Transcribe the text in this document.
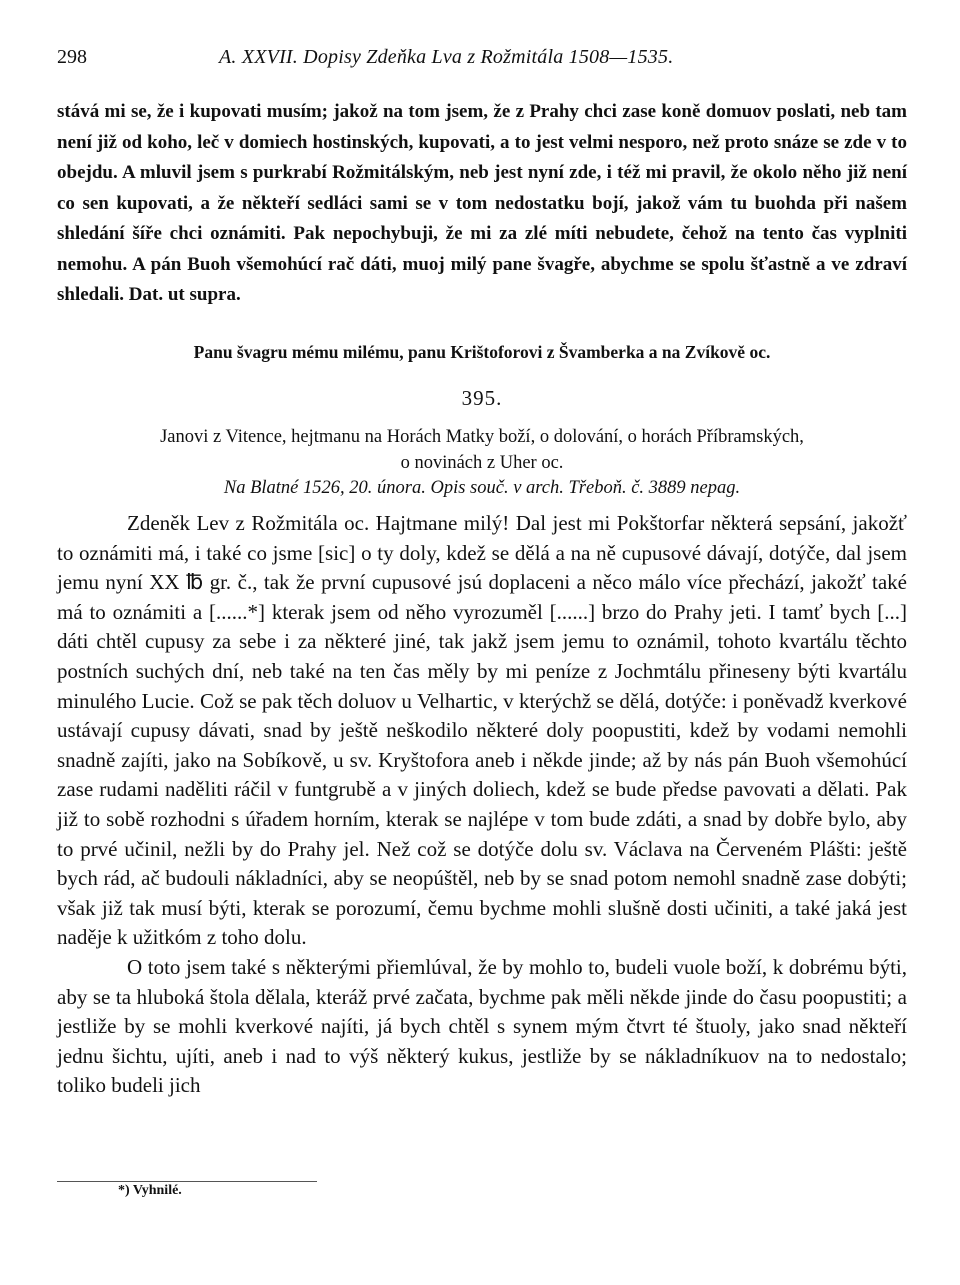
298	A. XXVII. Dopisy Zdeňka Lva z Rožmitála 1508—1535.
stává mi se, že i kupovati musím; jakož na tom jsem, že z Prahy chci zase koně domuov poslati, neb tam není již od koho, leč v domiech hostinských, kupovati, a to jest velmi nesporo, než proto snáze se zde v to obejdu. A mluvil jsem s purkrabí Rožmitálským, neb jest nyní zde, i též mi pravil, že okolo něho již není co sen kupovati, a že někteří sedláci sami se v tom nedostatku bojí, jakož vám tu buohda při našem shledání šíře chci oznámiti. Pak nepochybuji, že mi za zlé míti nebudete, čehož na tento čas vyplniti nemohu. A pán Buoh všemohúcí rač dáti, muoj milý pane švagře, abychme se spolu šťastně a ve zdraví shledali. Dat. ut supra.
Panu švagru mému milému, panu Krištoforovi z Švamberka a na Zvíkově oc.
395.
Janovi z Vitence, hejtmanu na Horách Matky boží, o dolování, o horách Příbramských,
o novinách z Uher oc.
Na Blatné 1526, 20. února. Opis souč. v arch. Třeboň. č. 3889 nepag.

Zdeněk Lev z Rožmitála oc. Hajtmane milý! Dal jest mi Pokštorfar některá sepsání, jakožť to oznámiti má, i také co jsme [sic] o ty doly, kdež se dělá a na ně cupusové dávají, dotýče, dal jsem jemu nyní XX ℔ gr. č., tak že první cupusové jsú doplaceni a něco málo více přechází, jakožť také má to oznámiti a [......*] kterak jsem od něho vyrozuměl [......] brzo do Prahy jeti. I tamť bych [...] dáti chtěl cupusy za sebe i za některé jiné, tak jakž jsem jemu to oznámil, tohoto kvartálu těchto postních suchých dní, neb také na ten čas měly by mi peníze z Jochmtálu přineseny býti kvartálu minulého Lucie. Což se pak těch doluov u Velhartic, v kterýchž se dělá, dotýče: i poněvadž kverkové ustávají cupusy dávati, snad by ještě neškodilo některé doly poopustiti, kdež by vodami nemohli snadně zajíti, jako na Sobíkově, u sv. Kryštofora aneb i někde jinde; až by nás pán Buoh všemohúcí zase rudami naděliti ráčil v funtgrubě a v jiných doliech, kdež se bude předse pavovati a dělati. Pak již to sobě rozhodni s úřadem horním, kterak se najlépe v tom bude zdáti, a snad by dobře bylo, aby to prvé učinil, nežli by do Prahy jel. Než což se dotýče dolu sv. Václava na Červeném Plášti: ještě bych rád, ač budouli nákladníci, aby se neopúštěl, neb by se snad potom nemohl snadně zase dobýti; však již tak musí býti, kterak se porozumí, čemu bychme mohli slušně dosti učiniti, a také jaká jest naděje k užitkóm z toho dolu.

O toto jsem také s některými přiemlúval, že by mohlo to, budeli vuole boží, k dobrému býti, aby se ta hluboká štola dělala, kteráž prvé začata, bychme pak měli někde jinde do času poopustiti; a jestliže by se mohli kverkové najíti, já bych chtěl s synem mým čtvrt té štuoly, jako snad někteří jednu šichtu, ujíti, aneb i nad to výš některý kukus, jestliže by se nákladníkuov na to nedostalo; toliko budeli jich

*) Vyhnilé.
